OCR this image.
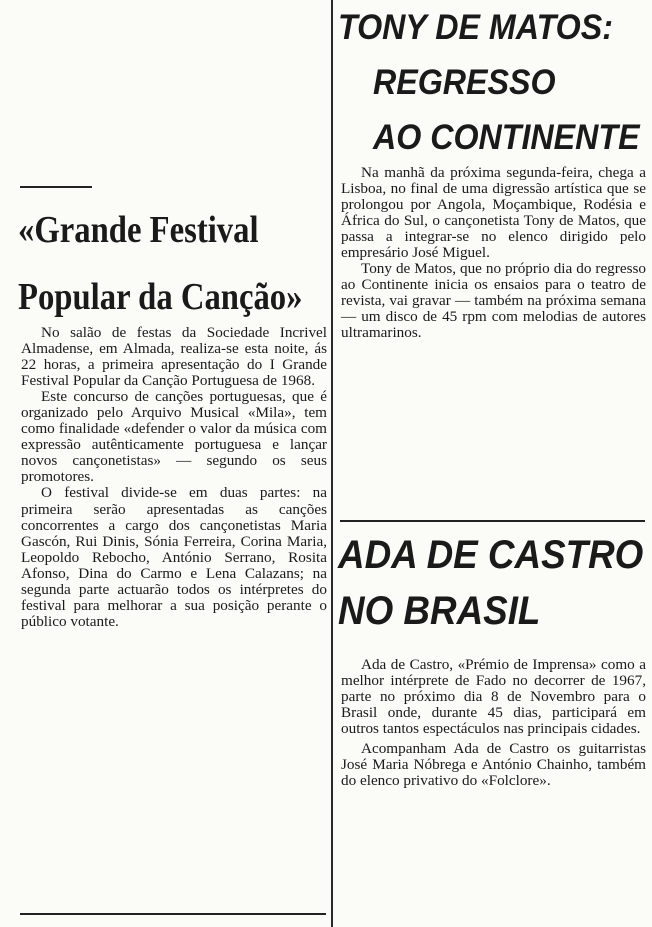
«Grande Festival
Popular da Canção»

No salão de festas da Sociedade Incrivel Almadense, em Almada, realiza-se esta noite, ás 22 horas, a primeira apresentação do I Grande Festival Popular da Canção Portuguesa de 1968.

Este concurso de canções portuguesas, que é organizado pelo Arquivo Musical «Mila», tem como finalidade «defender o valor da música com expressão autênticamente portuguesa e lançar novos cançonetistas» — segundo os seus promotores.

O festival divide-se em duas partes: na primeira serão apresentadas as canções concorrentes a cargo dos cançonetistas Maria Gascón, Rui Dinis, Sónia Ferreira, Corina Maria, Leopoldo Rebocho, António Serrano, Rosita Afonso, Dina do Carmo e Lena Calazans; na segunda parte actuarão todos os intérpretes do festival para melhorar a sua posição perante o público votante.

TONY DE MATOS:
REGRESSO
AO CONTINENTE

Na manhã da próxima segunda-feira, chega a Lisboa, no final de uma digressão artística que se prolongou por Angola, Moçambique, Rodésia e África do Sul, o cançonetista Tony de Matos, que passa a integrar-se no elenco dirigido pelo empresário José Miguel.

Tony de Matos, que no próprio dia do regresso ao Continente inicia os ensaios para o teatro de revista, vai gravar — também na próxima semana — um disco de 45 rpm com melodias de autores ultramarinos.

ADA DE CASTRO
NO BRASIL

Ada de Castro, «Prémio de Imprensa» como a melhor intérprete de Fado no decorrer de 1967, parte no próximo dia 8 de Novembro para o Brasil onde, durante 45 dias, participará em outros tantos espectáculos nas principais cidades.

Acompanham Ada de Castro os guitarristas José Maria Nóbrega e António Chainho, também do elenco privativo do «Folclore».
